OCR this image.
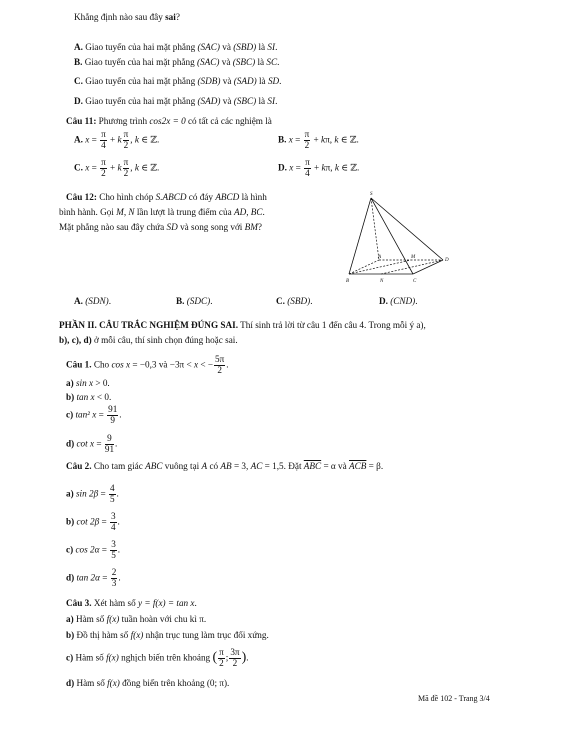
Khẳng định nào sau đây sai?
A. Giao tuyến của hai mặt phẳng (SAC) và (SBD) là SI.
B. Giao tuyến của hai mặt phẳng (SAC) và (SBC) là SC.
C. Giao tuyến của hai mặt phẳng (SDB) và (SAD) là SD.
D. Giao tuyến của hai mặt phẳng (SAD) và (SBC) là SI.
Câu 11: Phương trình cos2x = 0 có tất cả các nghiệm là
A. $x = \frac{\pi}{4} + k \frac{\pi}{2}$ , k ∈ ℤ.	B. $x = \frac{\pi}{2} + k\pi$, k ∈ ℤ.
C. $x = \frac{\pi}{2} + k \frac{\pi}{2}$ , k ∈ ℤ.	D. $x = \frac{\pi}{4} + k\pi$, k ∈ ℤ.
Câu 12: Cho hình chóp S.ABCD có đáy ABCD là hình
bình hành. Gọi M, N lần lượt là trung điểm của AD, BC.
Mặt phẳng nào sau đây chứa SD và song song với BM?
S
A	M
D
B	N	C
A. (SDN).	B. (SDC).	C. (SBD).	D. (CND).
PHẦN II. CÂU TRẮC NGHIỆM ĐÚNG SAI. Thí sinh trả lời từ câu 1 đến câu 4. Trong mỗi ý a),
b), c), d) ở mỗi câu, thí sinh chọn đúng hoặc sai.
Câu 1. Cho cos x = −0,3 và −3π < x < − $\frac{5\pi}{2}$ .
a) sin x > 0.
b) tan x < 0.
c) tan² $x = \frac{91}{9}$ .
d) $\cot x = \frac{9}{91}$ .
Câu 2. Cho tam giác ABC vuông tại A có AB = 3, AC = 1,5. Đặt $\overline{ABC} = \alpha$ và $\overline{ACB} = \beta$.
a) $\sin 2\beta = \frac{4}{5}$ .
b) $\cot 2\beta = \frac{3}{4}$ .
c) $\cos 2\alpha = \frac{3}{5}$ .
d) $\tan 2\alpha = \frac{2}{3}$ .
Câu 3. Xét hàm số y = f(x) = tan x.
a) Hàm số f(x) tuần hoàn với chu kì π.
b) Đồ thị hàm số f(x) nhận trục tung làm trục đối xứng.
c) Hàm số f(x) nghịch biến trên khoảng ( $\frac{\pi}{2}$ ; $\frac{3\pi}{2}$ ).
d) Hàm số f(x) đồng biến trên khoảng (0; π).
Mã đề 102 - Trang 3/4
